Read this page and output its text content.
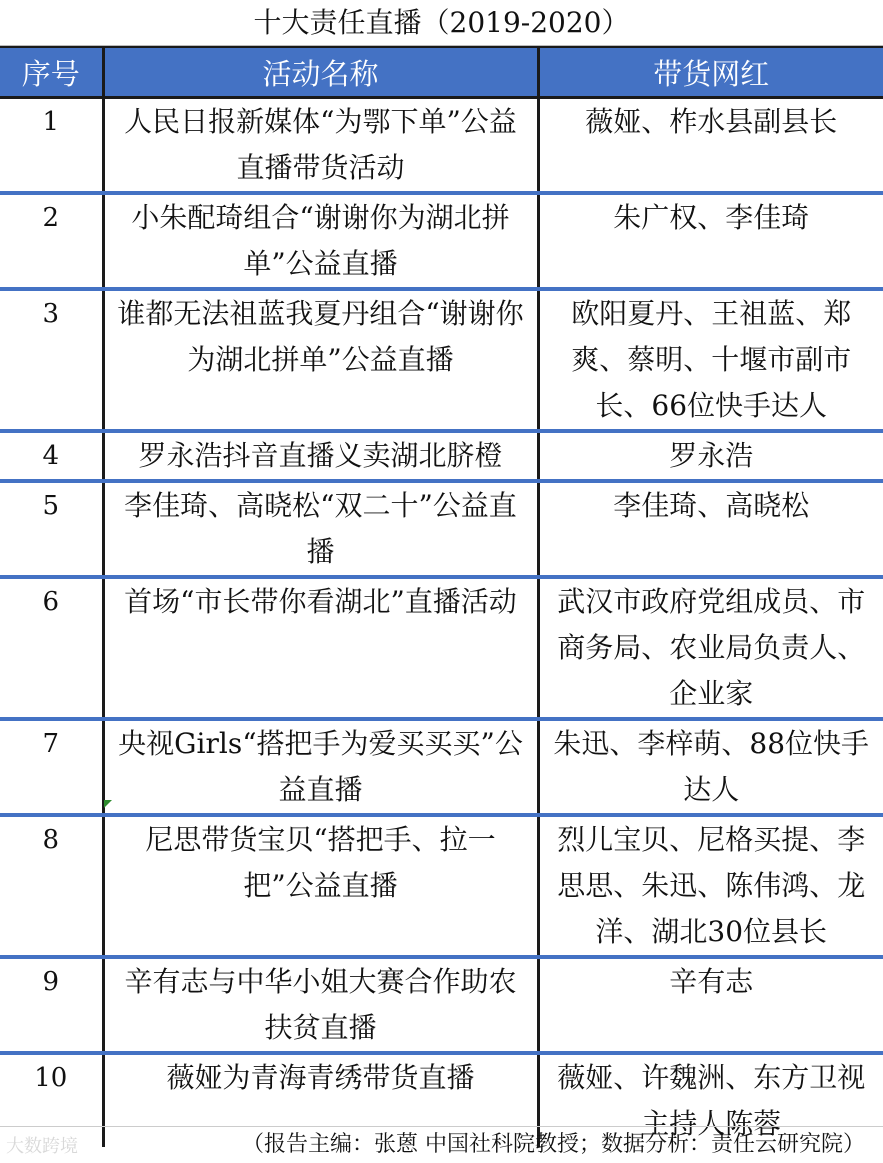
十大责任直播（2019-2020）
序号	活动名称	带货网红
1	人民日报新媒体“为鄂下单”公益直播带货活动	薇娅、柞水县副县长
2	小朱配琦组合“谢谢你为湖北拼单”公益直播	朱广权、李佳琦
3	谁都无法祖蓝我夏丹组合“谢谢你为湖北拼单”公益直播	欧阳夏丹、王祖蓝、郑爽、蔡明、十堰市副市长、66位快手达人
4	罗永浩抖音直播义卖湖北脐橙	罗永浩
5	李佳琦、高晓松“双二十”公益直播	李佳琦、高晓松
6	首场“市长带你看湖北”直播活动	武汉市政府党组成员、市商务局、农业局负责人、企业家
7	央视Girls“搭把手为爱买买买”公益直播	朱迅、李梓萌、88位快手达人
8	尼思带货宝贝“搭把手、拉一把”公益直播	烈儿宝贝、尼格买提、李思思、朱迅、陈伟鸿、龙洋、湖北30位县长
9	辛有志与中华小姐大赛合作助农扶贫直播	辛有志
10	薇娅为青海青绣带货直播	薇娅、许魏洲、东方卫视主持人陈蓉
（报告主编：张蒽 中国社科院教授；数据分析：责任云研究院）
大数跨境
